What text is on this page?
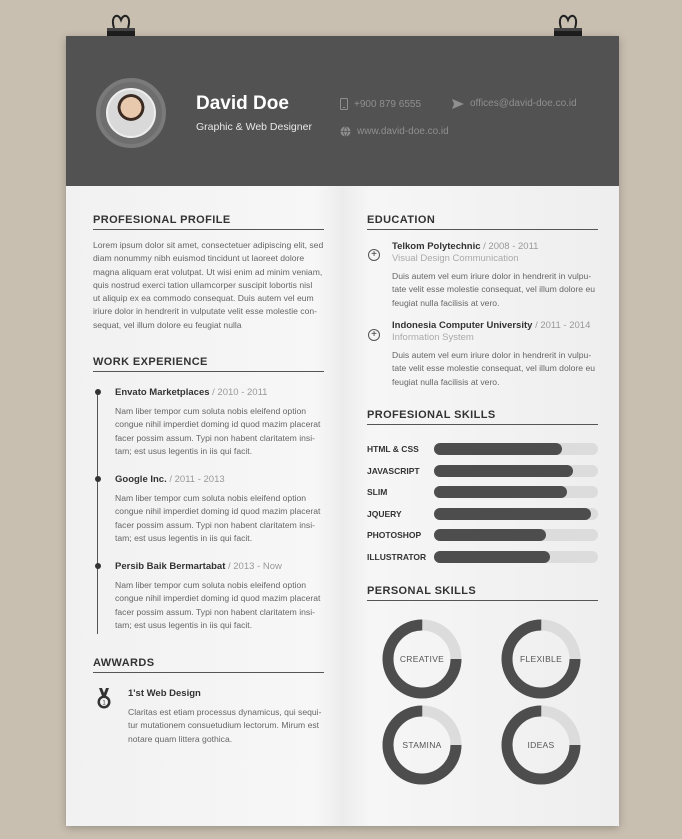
David Doe
Graphic & Web Designer
+900 879 6555	offices@david-doe.co.id
www.david-doe.co.id
PROFESIONAL PROFILE
Lorem ipsum dolor sit amet, consectetuer adipiscing elit, sed
diam nonummy nibh euismod tincidunt ut laoreet dolore
magna aliquam erat volutpat. Ut wisi enim ad minim veniam,
quis nostrud exerci tation ullamcorper suscipit lobortis nisl
ut aliquip ex ea commodo consequat. Duis autem vel eum
iriure dolor in hendrerit in vulputate velit esse molestie con-
sequat, vel illum dolore eu feugiat nulla
WORK EXPERIENCE
Envato Marketplaces / 2010 - 2011
Nam liber tempor cum soluta nobis eleifend option
congue nihil imperdiet doming id quod mazim placerat
facer possim assum. Typi non habent claritatem insi-
tam; est usus legentis in iis qui facit.
Google Inc. / 2011 - 2013
Nam liber tempor cum soluta nobis eleifend option
congue nihil imperdiet doming id quod mazim placerat
facer possim assum. Typi non habent claritatem insi-
tam; est usus legentis in iis qui facit.
Persib Baik Bermartabat / 2013 - Now
Nam liber tempor cum soluta nobis eleifend option
congue nihil imperdiet doming id quod mazim placerat
facer possim assum. Typi non habent claritatem insi-
tam; est usus legentis in iis qui facit.
AWWARDS
1
1'st Web Design
Claritas est etiam processus dynamicus, qui sequi-
tur mutationem consuetudium lectorum. Mirum est
notare quam littera gothica.
EDUCATION
+
Telkom Polytechnic / 2008 - 2011
Visual Design Communication
Duis autem vel eum iriure dolor in hendrerit in vulpu-
tate velit esse molestie consequat, vel illum dolore eu
feugiat nulla facilisis at vero.
+
Indonesia Computer University / 2011 - 2014
Information System
Duis autem vel eum iriure dolor in hendrerit in vulpu-
tate velit esse molestie consequat, vel illum dolore eu
feugiat nulla facilisis at vero.
PROFESIONAL SKILLS
HTML & CSS
JAVASCRIPT
SLIM
JQUERY
PHOTOSHOP
ILLUSTRATOR
PERSONAL SKILLS
CREATIVE	FLEXIBLE
STAMINA	IDEAS
